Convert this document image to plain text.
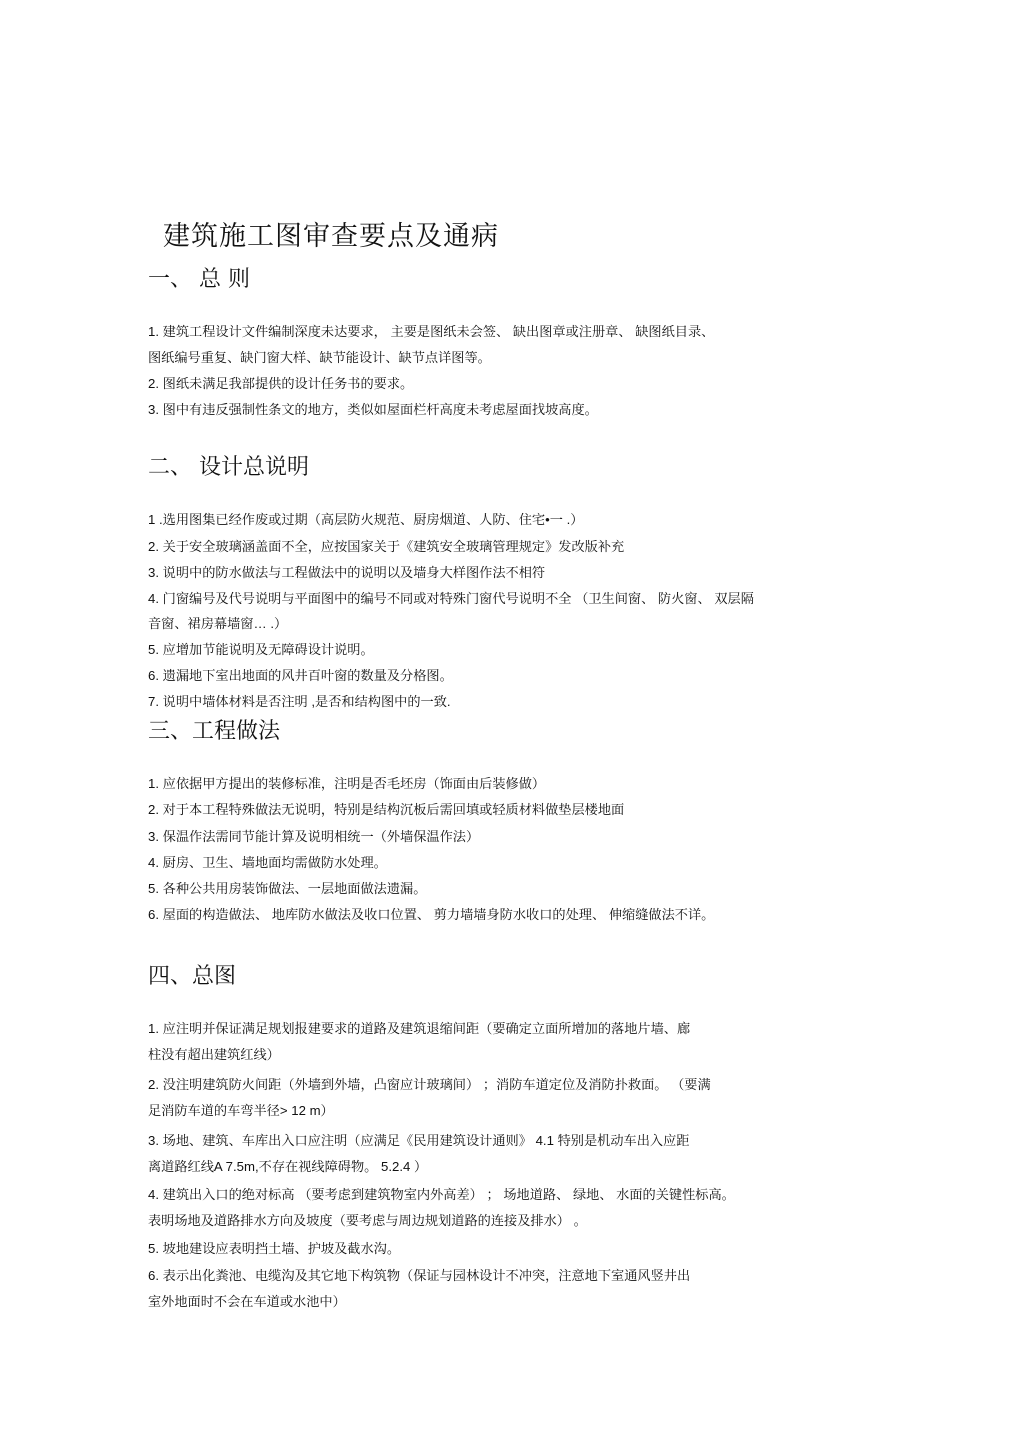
建筑施工图审查要点及通病
一、 总 则
1. 建筑工程设计文件编制深度未达要求， 主要是图纸未会签、 缺出图章或注册章、 缺图纸目录、
图纸编号重复、缺门窗大样、缺节能设计、缺节点详图等。
2. 图纸未满足我部提供的设计任务书的要求。
3. 图中有违反强制性条文的地方，类似如屋面栏杆高度未考虑屋面找坡高度。
二、 设计总说明
1 .选用图集已经作废或过期（高层防火规范、厨房烟道、人防、住宅•一 .）
2. 关于安全玻璃涵盖面不全，应按国家关于《建筑安全玻璃管理规定》发改版补充
3. 说明中的防水做法与工程做法中的说明以及墙身大样图作法不相符
4. 门窗编号及代号说明与平面图中的编号不同或对特殊门窗代号说明不全 （卫生间窗、 防火窗、 双层隔
音窗、裙房幕墙窗… .）
5. 应增加节能说明及无障碍设计说明。
6. 遗漏地下室出地面的风井百叶窗的数量及分格图。
7. 说明中墙体材料是否注明 ,是否和结构图中的一致.
三、工程做法
1. 应依据甲方提出的装修标准，注明是否毛坯房（饰面由后装修做）
2. 对于本工程特殊做法无说明，特别是结构沉板后需回填或轻质材料做垫层楼地面
3. 保温作法需同节能计算及说明相统一（外墙保温作法）
4. 厨房、卫生、墙地面均需做防水处理。
5. 各种公共用房装饰做法、一层地面做法遗漏。
6. 屋面的构造做法、 地库防水做法及收口位置、 剪力墙墙身防水收口的处理、 伸缩缝做法不详。
四、总图
1. 应注明并保证满足规划报建要求的道路及建筑退缩间距（要确定立面所增加的落地片墙、廊
柱没有超出建筑红线）
2. 没注明建筑防火间距（外墙到外墙，凸窗应计玻璃间） ；消防车道定位及消防扑救面。 （要满
足消防车道的车弯半径> 12 m）
3. 场地、建筑、车库出入口应注明（应满足《民用建筑设计通则》 4.1 特别是机动车出入应距
离道路红线A 7.5m,不存在视线障碍物。 5.2.4 ）
4. 建筑出入口的绝对标高 （要考虑到建筑物室内外高差） ； 场地道路、 绿地、 水面的关键性标高。
表明场地及道路排水方向及坡度（要考虑与周边规划道路的连接及排水） 。
5. 坡地建设应表明挡土墙、护坡及截水沟。
6. 表示出化粪池、电缆沟及其它地下构筑物（保证与园林设计不冲突，注意地下室通风竖井出
室外地面时不会在车道或水池中）
